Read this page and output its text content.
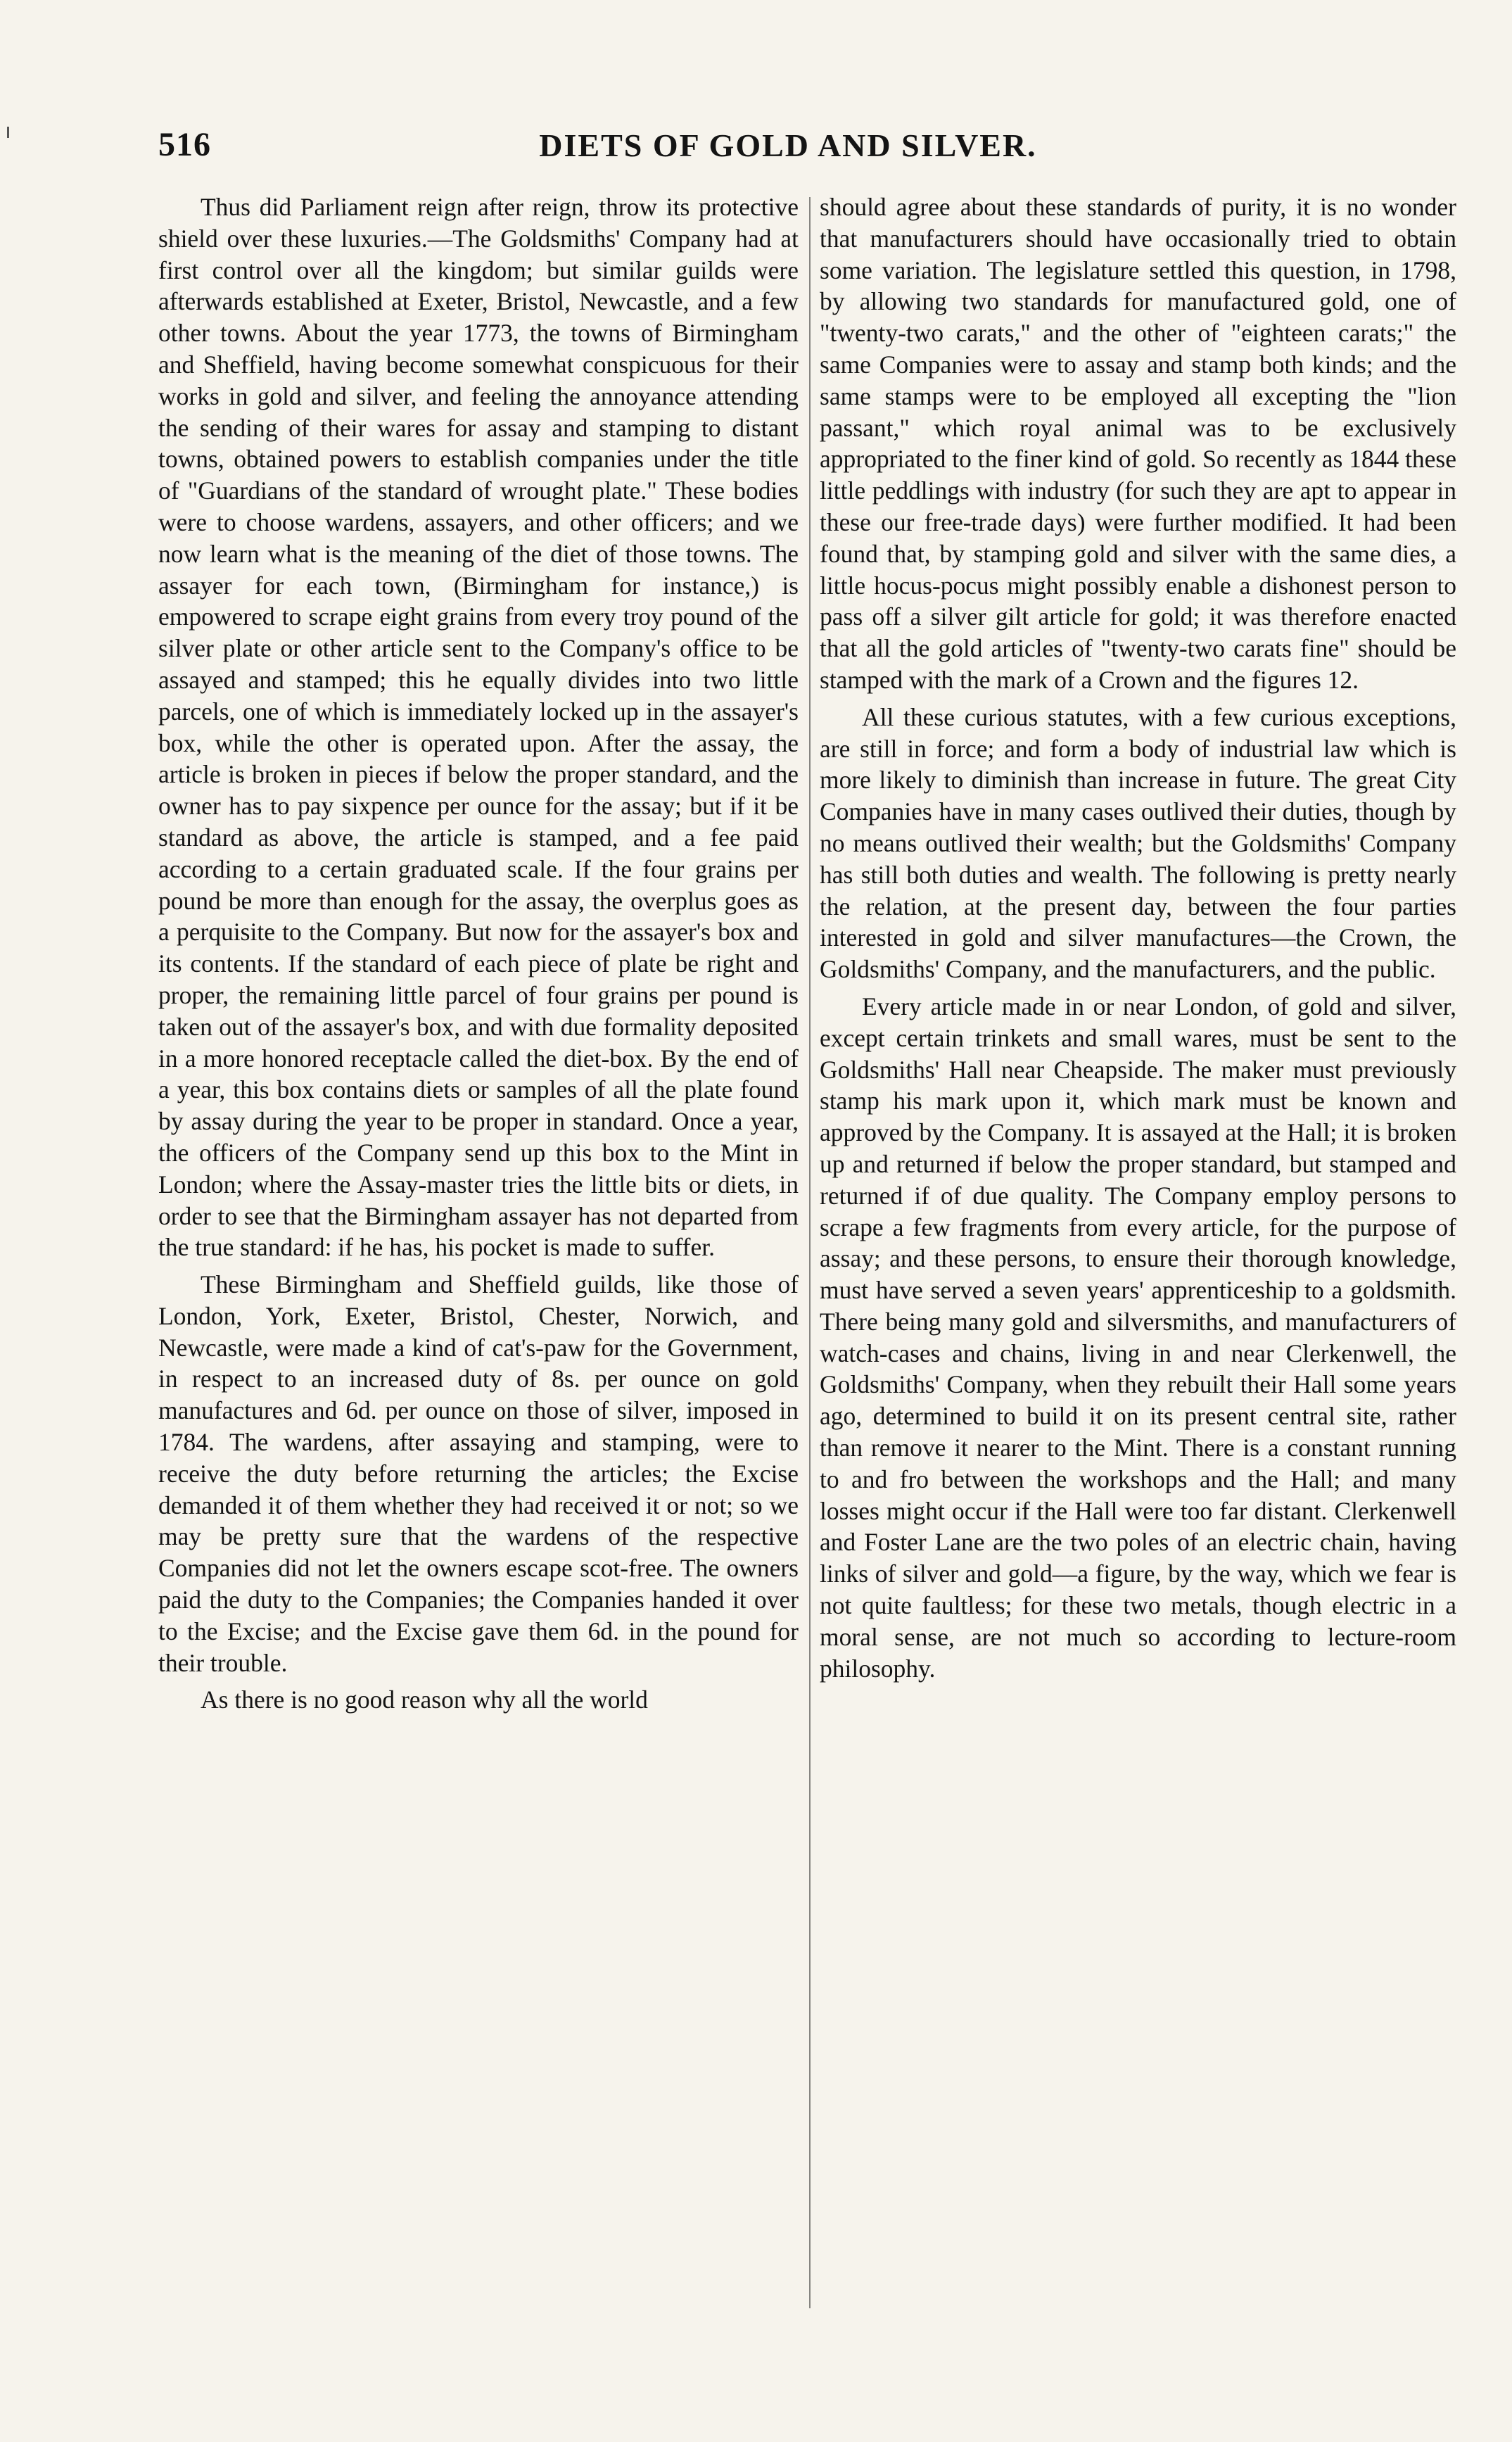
516	DIETS OF GOLD AND SILVER.

Thus did Parliament reign after reign, throw its protective shield over these luxuries.—The Goldsmiths' Company had at first control over all the kingdom; but similar guilds were afterwards established at Exeter, Bristol, Newcastle, and a few other towns. About the year 1773, the towns of Birmingham and Sheffield, having become somewhat conspicuous for their works in gold and silver, and feeling the annoyance attending the sending of their wares for assay and stamping to distant towns, obtained powers to establish companies under the title of "Guardians of the standard of wrought plate." These bodies were to choose wardens, assayers, and other officers; and we now learn what is the meaning of the diet of those towns. The assayer for each town, (Birmingham for instance,) is empowered to scrape eight grains from every troy pound of the silver plate or other article sent to the Company's office to be assayed and stamped; this he equally divides into two little parcels, one of which is immediately locked up in the assayer's box, while the other is operated upon. After the assay, the article is broken in pieces if below the proper standard, and the owner has to pay sixpence per ounce for the assay; but if it be standard as above, the article is stamped, and a fee paid according to a certain graduated scale. If the four grains per pound be more than enough for the assay, the overplus goes as a perquisite to the Company. But now for the assayer's box and its contents. If the standard of each piece of plate be right and proper, the remaining little parcel of four grains per pound is taken out of the assayer's box, and with due formality deposited in a more honored receptacle called the diet-box. By the end of a year, this box contains diets or samples of all the plate found by assay during the year to be proper in standard. Once a year, the officers of the Company send up this box to the Mint in London; where the Assay-master tries the little bits or diets, in order to see that the Birmingham assayer has not departed from the true standard: if he has, his pocket is made to suffer.

These Birmingham and Sheffield guilds, like those of London, York, Exeter, Bristol, Chester, Norwich, and Newcastle, were made a kind of cat's-paw for the Government, in respect to an increased duty of 8s. per ounce on gold manufactures and 6d. per ounce on those of silver, imposed in 1784. The wardens, after assaying and stamping, were to receive the duty before returning the articles; the Excise demanded it of them whether they had received it or not; so we may be pretty sure that the wardens of the respective Companies did not let the owners escape scot-free. The owners paid the duty to the Companies; the Companies handed it over to the Excise; and the Excise gave them 6d. in the pound for their trouble.

As there is no good reason why all the world

should agree about these standards of purity, it is no wonder that manufacturers should have occasionally tried to obtain some variation. The legislature settled this question, in 1798, by allowing two standards for manufactured gold, one of "twenty-two carats," and the other of "eighteen carats;" the same Companies were to assay and stamp both kinds; and the same stamps were to be employed all excepting the "lion passant," which royal animal was to be exclusively appropriated to the finer kind of gold. So recently as 1844 these little peddlings with industry (for such they are apt to appear in these our free-trade days) were further modified. It had been found that, by stamping gold and silver with the same dies, a little hocus-pocus might possibly enable a dishonest person to pass off a silver gilt article for gold; it was therefore enacted that all the gold articles of "twenty-two carats fine" should be stamped with the mark of a Crown and the figures 12.

All these curious statutes, with a few curious exceptions, are still in force; and form a body of industrial law which is more likely to diminish than increase in future. The great City Companies have in many cases outlived their duties, though by no means outlived their wealth; but the Goldsmiths' Company has still both duties and wealth. The following is pretty nearly the relation, at the present day, between the four parties interested in gold and silver manufactures—the Crown, the Goldsmiths' Company, and the manufacturers, and the public.

Every article made in or near London, of gold and silver, except certain trinkets and small wares, must be sent to the Goldsmiths' Hall near Cheapside. The maker must previously stamp his mark upon it, which mark must be known and approved by the Company. It is assayed at the Hall; it is broken up and returned if below the proper standard, but stamped and returned if of due quality. The Company employ persons to scrape a few fragments from every article, for the purpose of assay; and these persons, to ensure their thorough knowledge, must have served a seven years' apprenticeship to a goldsmith. There being many gold and silversmiths, and manufacturers of watch-cases and chains, living in and near Clerkenwell, the Goldsmiths' Company, when they rebuilt their Hall some years ago, determined to build it on its present central site, rather than remove it nearer to the Mint. There is a constant running to and fro between the workshops and the Hall; and many losses might occur if the Hall were too far distant. Clerkenwell and Foster Lane are the two poles of an electric chain, having links of silver and gold—a figure, by the way, which we fear is not quite faultless; for these two metals, though electric in a moral sense, are not much so according to lecture-room philosophy.
